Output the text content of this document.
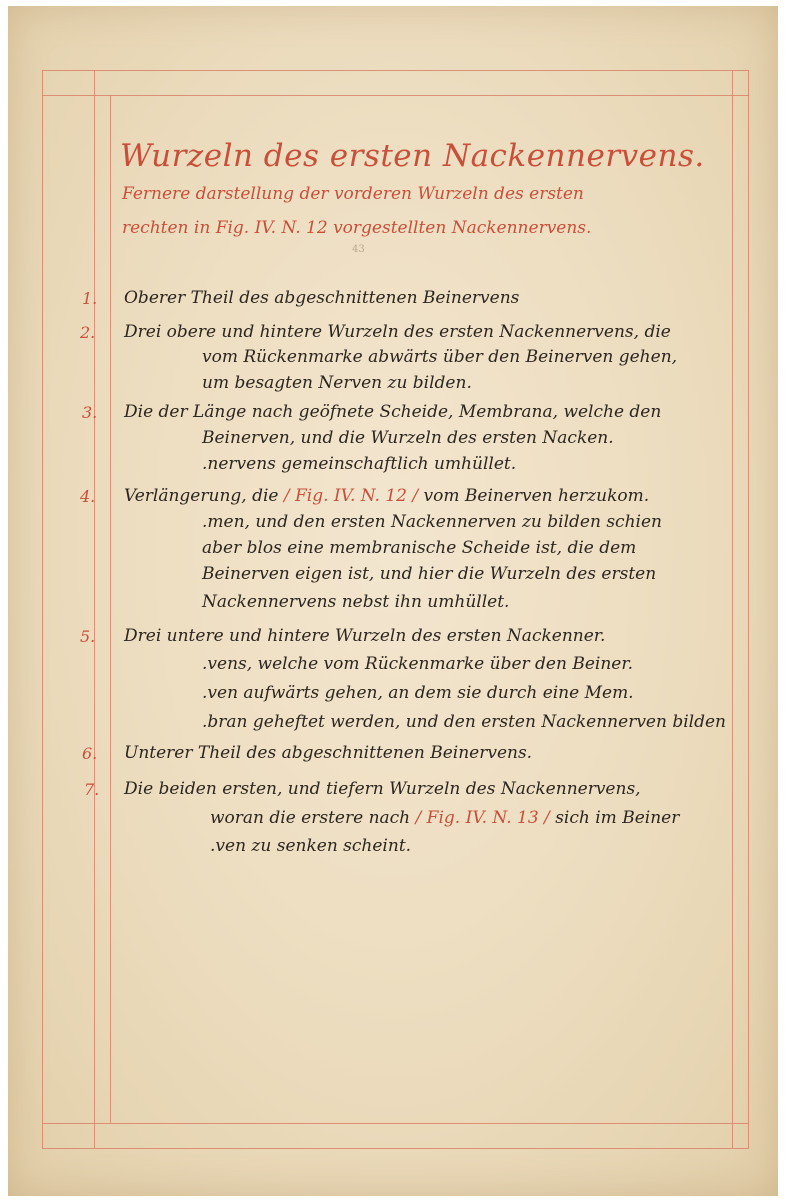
Wurzeln des ersten Nackennervens.
Fernere darstellung der vorderen Wurzeln des ersten
rechten in Fig. IV. N. 12 vorgestellten Nackennervens.
43
1. Oberer Theil des abgeschnittenen Beinervens
2. Drei obere und hintere Wurzeln des ersten Nackennervens, die
vom Rückenmarke abwärts über den Beinerven gehen,
um besagten Nerven zu bilden.
3. Die der Länge nach geöfnete Scheide, Membrana, welche den
Beinerven, und die Wurzeln des ersten Nacken.
.nervens gemeinschaftlich umhüllet.
4. Verlängerung, die / Fig. IV. N. 12 / vom Beinerven herzukom.
.men, und den ersten Nackennerven zu bilden schien
aber blos eine membranische Scheide ist, die dem
Beinerven eigen ist, und hier die Wurzeln des ersten
Nackennervens nebst ihn umhüllet.
5. Drei untere und hintere Wurzeln des ersten Nackenner.
.vens, welche vom Rückenmarke über den Beiner.
.ven aufwärts gehen, an dem sie durch eine Mem.
.bran geheftet werden, und den ersten Nackennerven bilden
6. Unterer Theil des abgeschnittenen Beinervens.
7. Die beiden ersten, und tiefern Wurzeln des Nackennervens,
woran die erstere nach / Fig. IV. N. 13 / sich im Beiner
.ven zu senken scheint.
